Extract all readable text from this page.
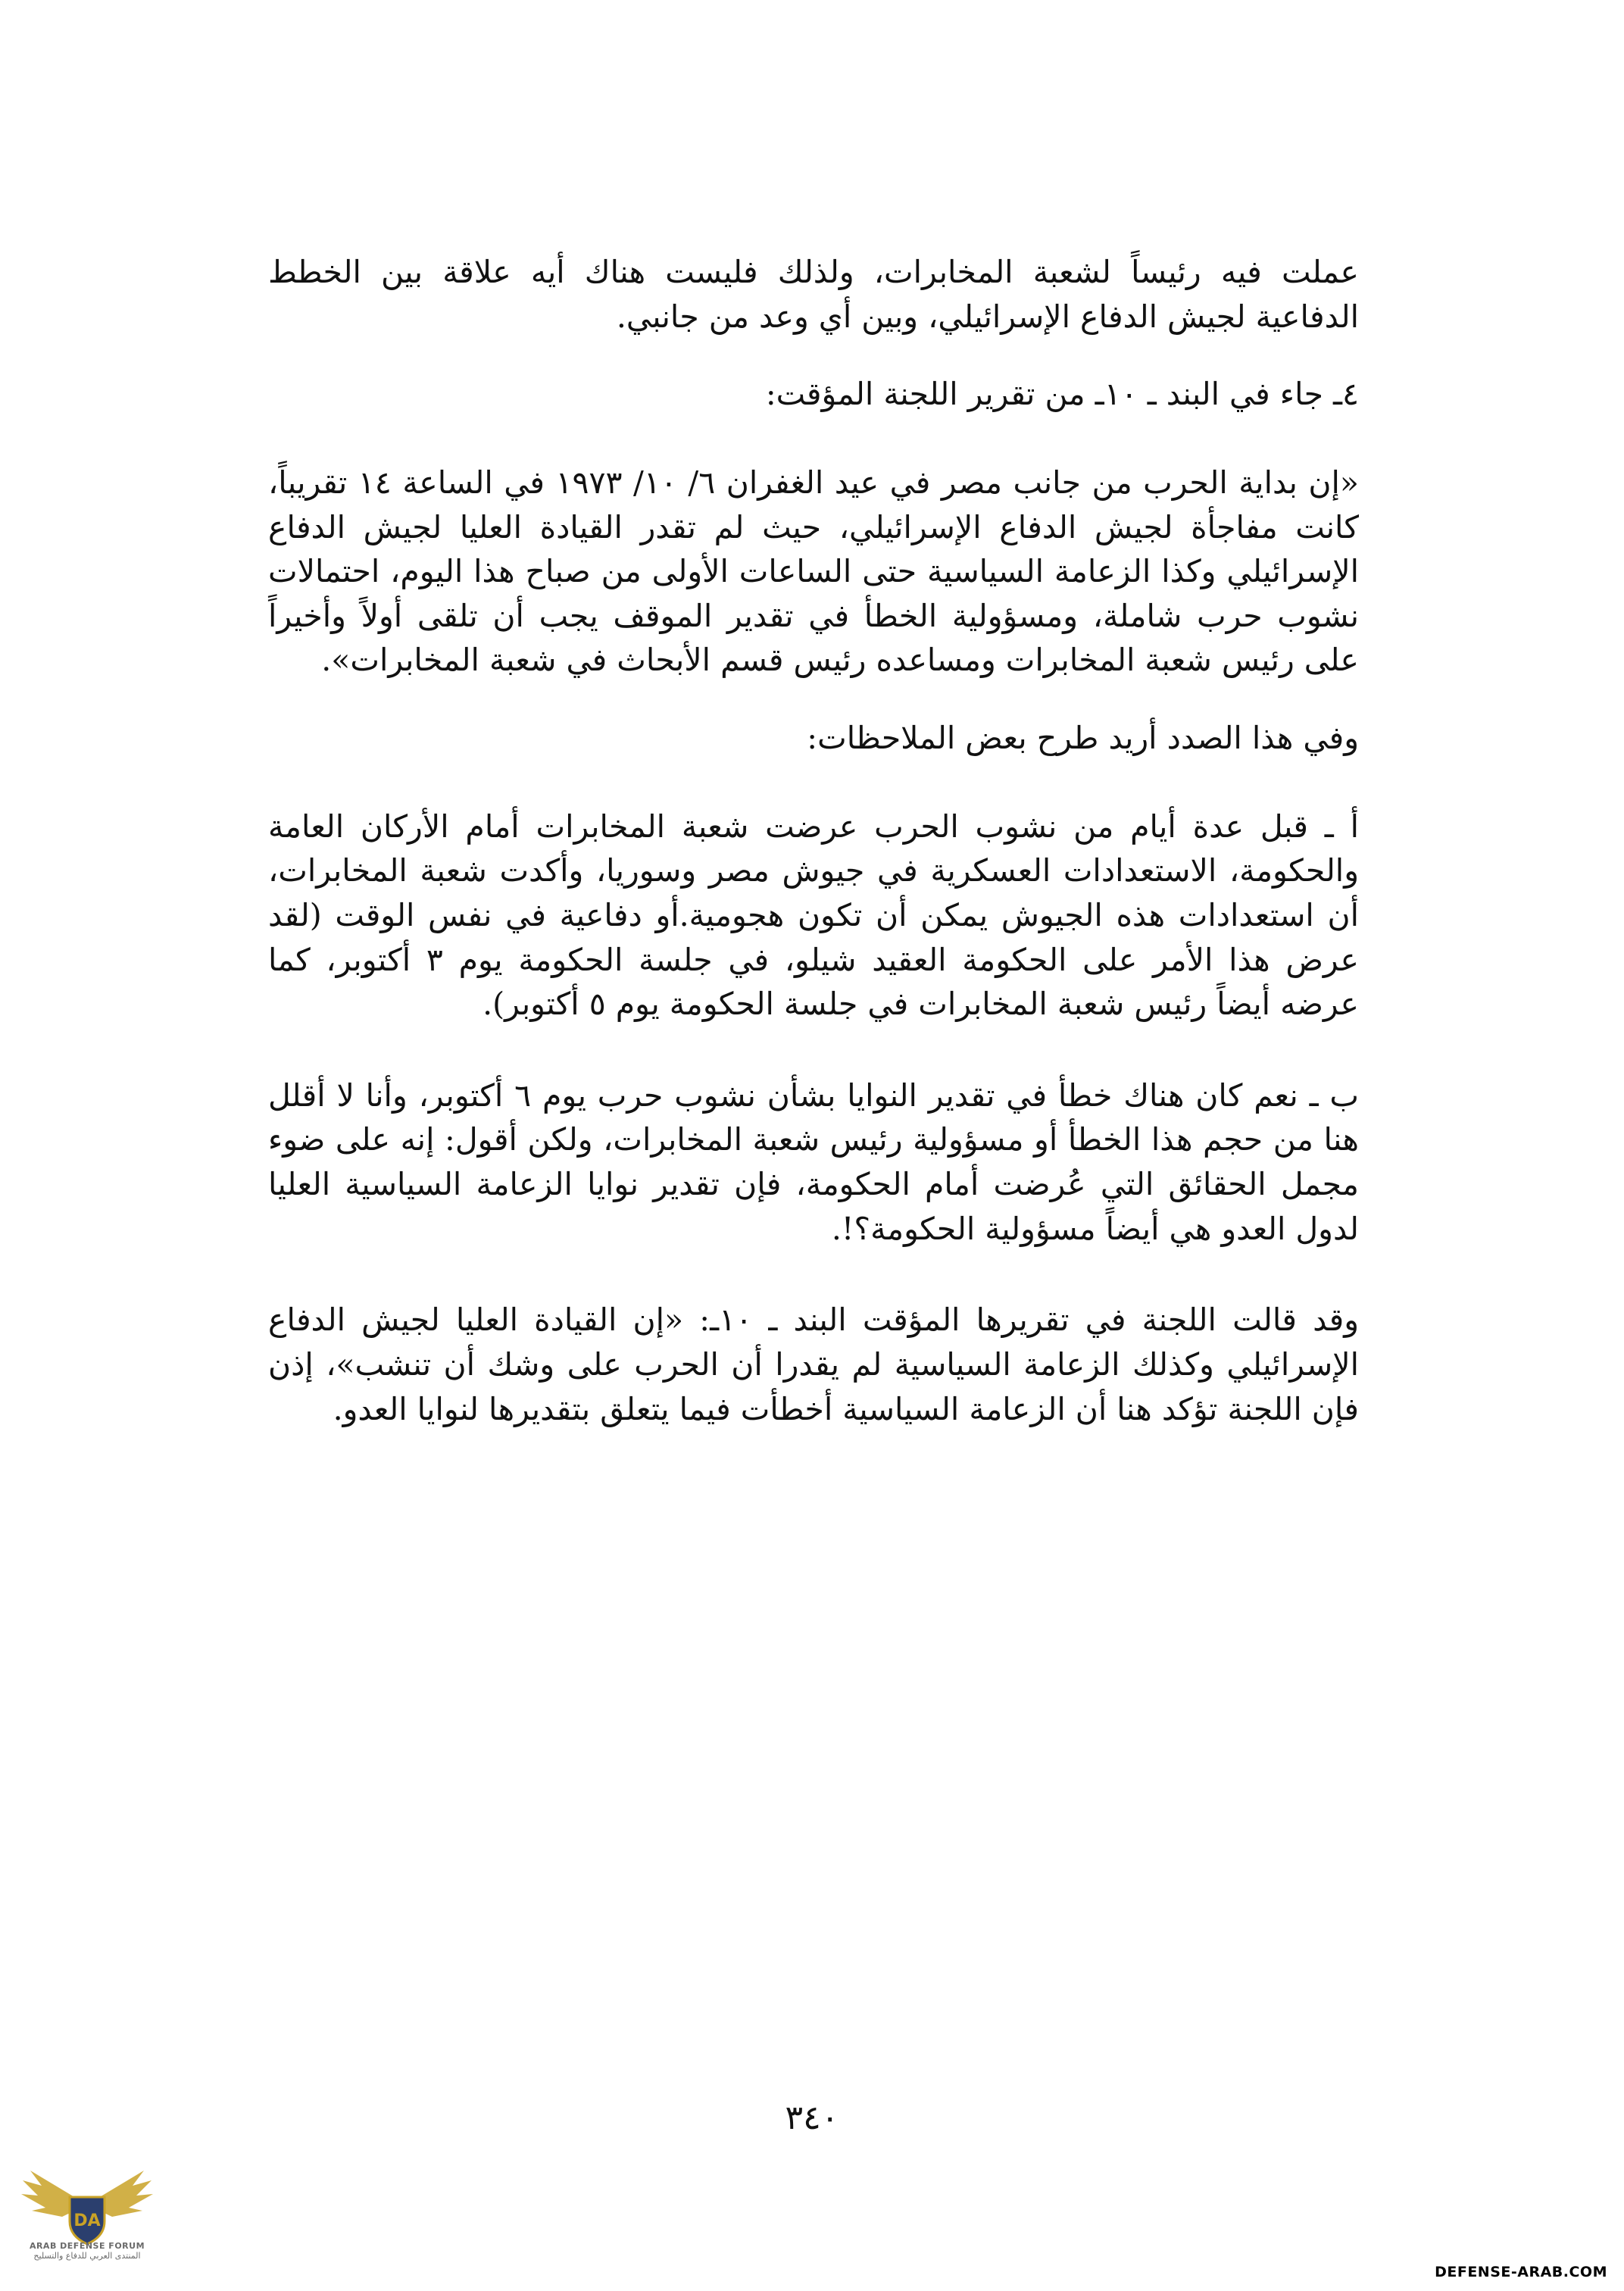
عملت فيه رئيساً لشعبة المخابرات، ولذلك فليست هناك أيه علاقة بين الخطط الدفاعية لجيش الدفاع الإسرائيلي، وبين أي وعد من جانبي.

٤ـ جاء في البند ـ ١٠ـ من تقرير اللجنة المؤقت:

«إن بداية الحرب من جانب مصر في عيد الغفران ٦/ ١٠/ ١٩٧٣ في الساعة ١٤ تقريباً، كانت مفاجأة لجيش الدفاع الإسرائيلي، حيث لم تقدر القيادة العليا لجيش الدفاع الإسرائيلي وكذا الزعامة السياسية حتى الساعات الأولى من صباح هذا اليوم، احتمالات نشوب حرب شاملة، ومسؤولية الخطأ في تقدير الموقف يجب أن تلقى أولاً وأخيراً على رئيس شعبة المخابرات ومساعده رئيس قسم الأبحاث في شعبة المخابرات».

وفي هذا الصدد أريد طرح بعض الملاحظات:

أ ـ قبل عدة أيام من نشوب الحرب عرضت شعبة المخابرات أمام الأركان العامة والحكومة، الاستعدادات العسكرية في جيوش مصر وسوريا، وأكدت شعبة المخابرات، أن استعدادات هذه الجيوش يمكن أن تكون هجومية.أو دفاعية في نفس الوقت (لقد عرض هذا الأمر على الحكومة العقيد شيلو، في جلسة الحكومة يوم ٣ أكتوبر، كما عرضه أيضاً رئيس شعبة المخابرات في جلسة الحكومة يوم ٥ أكتوبر).

ب ـ نعم كان هناك خطأ في تقدير النوايا بشأن نشوب حرب يوم ٦ أكتوبر، وأنا لا أقلل هنا من حجم هذا الخطأ أو مسؤولية رئيس شعبة المخابرات، ولكن أقول: إنه على ضوء مجمل الحقائق التي عُرضت أمام الحكومة، فإن تقدير نوايا الزعامة السياسية العليا لدول العدو هي أيضاً مسؤولية الحكومة؟!.

وقد قالت اللجنة في تقريرها المؤقت البند ـ ١٠ـ: «إن القيادة العليا لجيش الدفاع الإسرائيلي وكذلك الزعامة السياسية لم يقدرا أن الحرب على وشك أن تنشب»، إذن فإن اللجنة تؤكد هنا أن الزعامة السياسية أخطأت فيما يتعلق بتقديرها لنوايا العدو.

٣٤٠
DA
ARAB DEFENSE FORUM
المنتدى العربي للدفاع والتسليح
DEFENSE-ARAB.COM
